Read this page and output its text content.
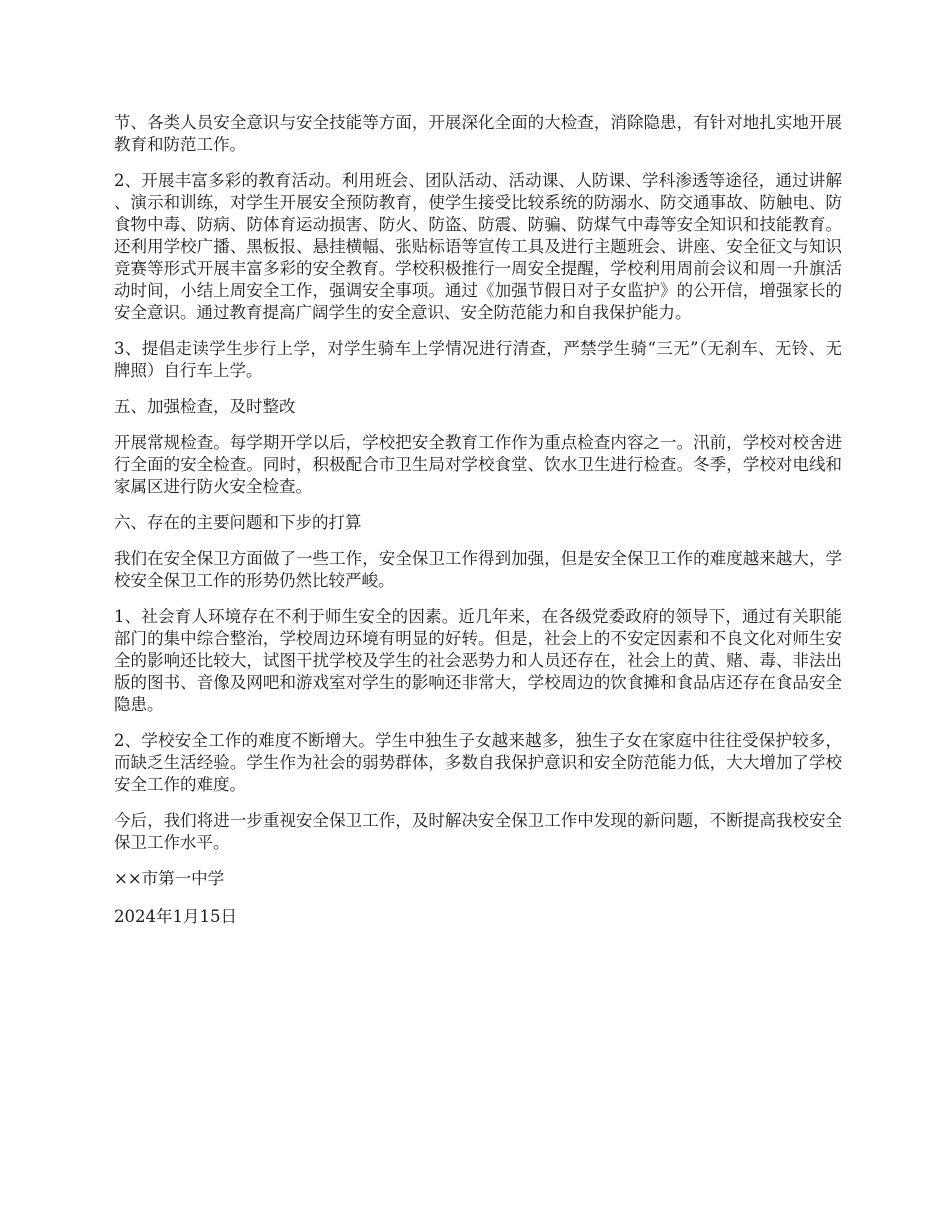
节、各类人员安全意识与安全技能等方面，开展深化全面的大检查，消除隐患，有针对地扎实地开展教育和防范工作。

2、开展丰富多彩的教育活动。利用班会、团队活动、活动课、人防课、学科渗透等途径，通过讲解、演示和训练，对学生开展安全预防教育，使学生接受比较系统的防溺水、防交通事故、防触电、防食物中毒、防病、防体育运动损害、防火、防盗、防震、防骗、防煤气中毒等安全知识和技能教育。还利用学校广播、黑板报、悬挂横幅、张贴标语等宣传工具及进行主题班会、讲座、安全征文与知识竞赛等形式开展丰富多彩的安全教育。学校积极推行一周安全提醒，学校利用周前会议和周一升旗活动时间，小结上周安全工作，强调安全事项。通过《加强节假日对子女监护》的公开信，增强家长的安全意识。通过教育提高广阔学生的安全意识、安全防范能力和自我保护能力。

3、提倡走读学生步行上学，对学生骑车上学情况进行清查，严禁学生骑“三无”（无刹车、无铃、无牌照）自行车上学。

五、加强检查，及时整改

开展常规检查。每学期开学以后，学校把安全教育工作作为重点检查内容之一。汛前，学校对校舍进行全面的安全检查。同时，积极配合市卫生局对学校食堂、饮水卫生进行检查。冬季，学校对电线和家属区进行防火安全检查。

六、存在的主要问题和下步的打算

我们在安全保卫方面做了一些工作，安全保卫工作得到加强，但是安全保卫工作的难度越来越大，学校安全保卫工作的形势仍然比较严峻。

1、社会育人环境存在不利于师生安全的因素。近几年来，在各级党委政府的领导下，通过有关职能部门的集中综合整治，学校周边环境有明显的好转。但是，社会上的不安定因素和不良文化对师生安全的影响还比较大，试图干扰学校及学生的社会恶势力和人员还存在，社会上的黄、赌、毒、非法出版的图书、音像及网吧和游戏室对学生的影响还非常大，学校周边的饮食摊和食品店还存在食品安全隐患。

2、学校安全工作的难度不断增大。学生中独生子女越来越多，独生子女在家庭中往往受保护较多，而缺乏生活经验。学生作为社会的弱势群体，多数自我保护意识和安全防范能力低，大大增加了学校安全工作的难度。

今后，我们将进一步重视安全保卫工作，及时解决安全保卫工作中发现的新问题，不断提高我校安全保卫工作水平。

××市第一中学

2024年1月15日
